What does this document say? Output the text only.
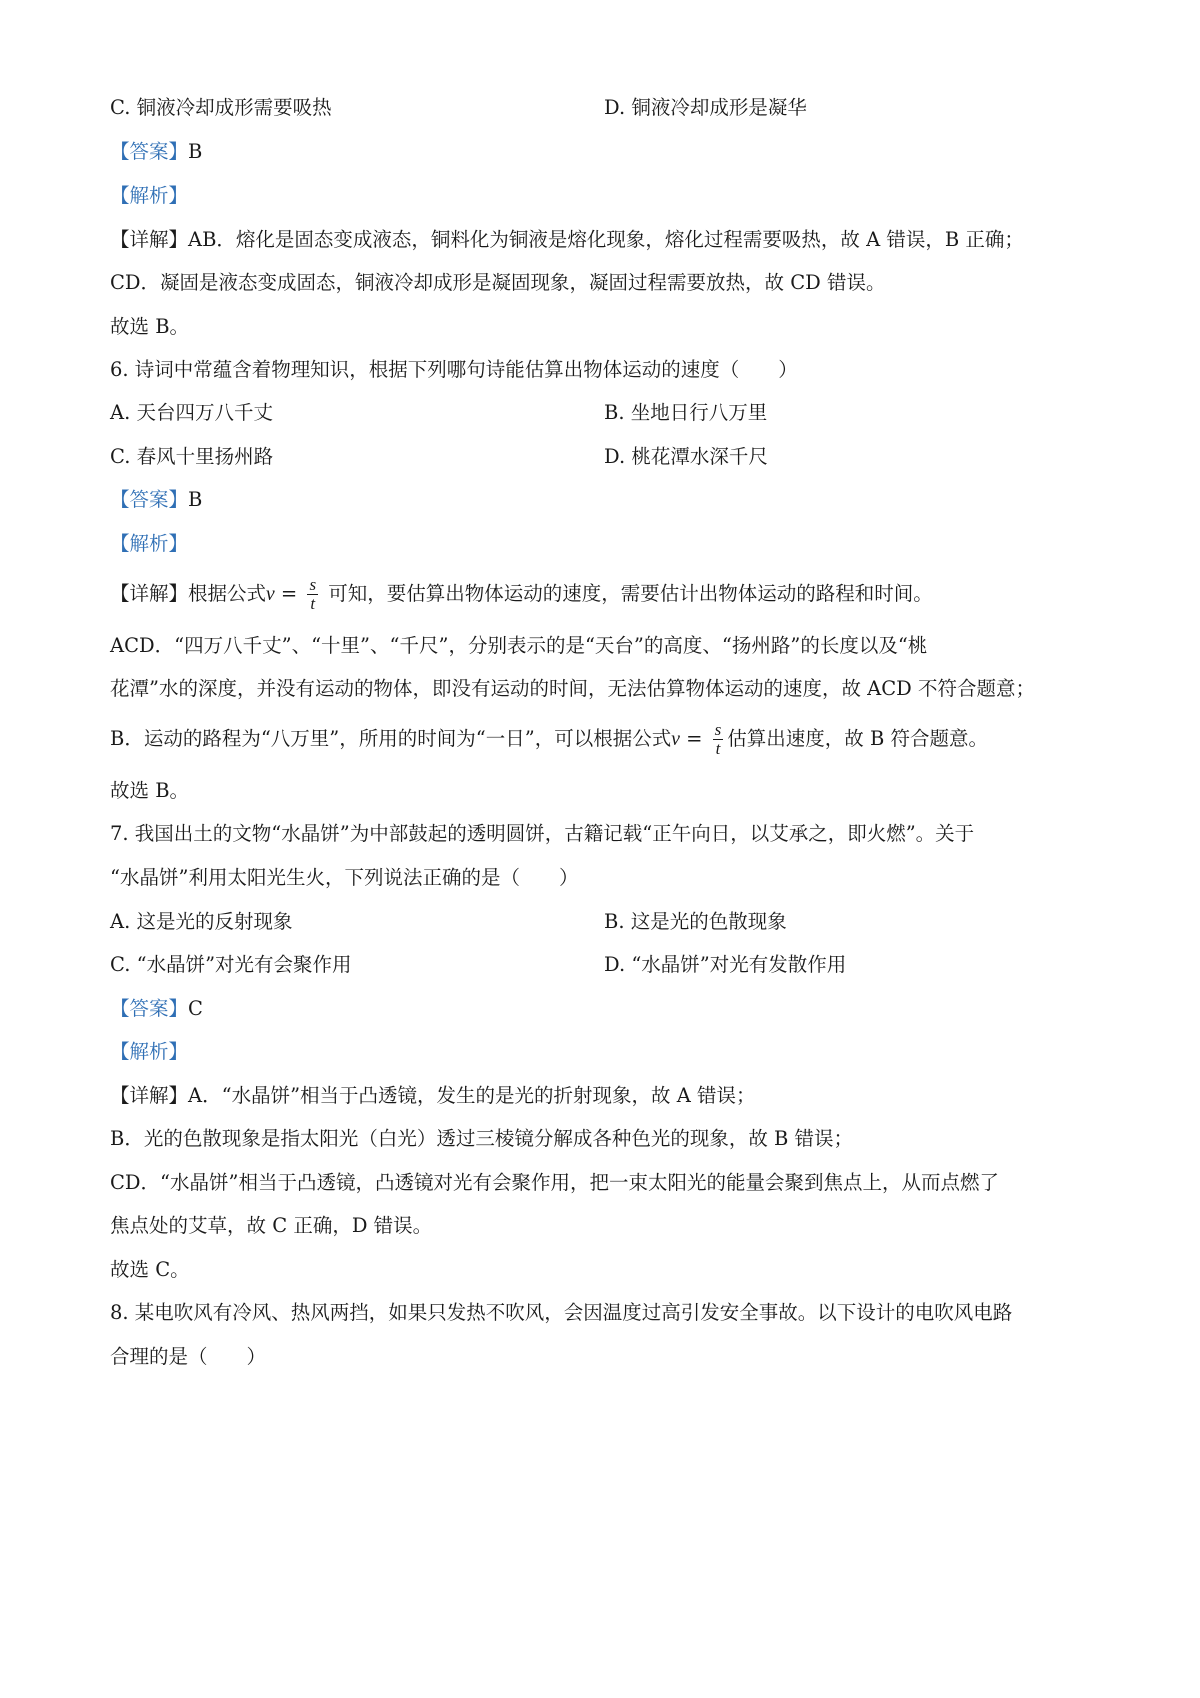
C. 铜液冷却成形需要吸热	D. 铜液冷却成形是凝华
【答案】B
【解析】
【详解】AB．熔化是固态变成液态，铜料化为铜液是熔化现象，熔化过程需要吸热，故 A 错误，B 正确；
CD．凝固是液态变成固态，铜液冷却成形是凝固现象，凝固过程需要放热，故 CD 错误。
故选 B。
6. 诗词中常蕴含着物理知识，根据下列哪句诗能估算出物体运动的速度（　　）
A. 天台四万八千丈	B. 坐地日行八万里
C. 春风十里扬州路	D. 桃花潭水深千尺
【答案】B
【解析】
【详解】根据公式$v = \frac{s}{t}$ 可知，要估算出物体运动的速度，需要估计出物体运动的路程和时间。
ACD．“四万八千丈”、“十里”、“千尺”，分别表示的是“天台”的高度、“扬州路”的长度以及“桃
花潭”水的深度，并没有运动的物体，即没有运动的时间，无法估算物体运动的速度，故 ACD 不符合题意；
B．运动的路程为“八万里”，所用的时间为“一日”，可以根据公式$v = \frac{s}{t}$ 估算出速度，故 B 符合题意。
故选 B。
7. 我国出土的文物“水晶饼”为中部鼓起的透明圆饼，古籍记载“正午向日，以艾承之，即火燃”。关于
“水晶饼”利用太阳光生火，下列说法正确的是（　　）
A. 这是光的反射现象	B. 这是光的色散现象
C. “水晶饼”对光有会聚作用	D. “水晶饼”对光有发散作用
【答案】C
【解析】
【详解】A．“水晶饼”相当于凸透镜，发生的是光的折射现象，故 A 错误；
B．光的色散现象是指太阳光（白光）透过三棱镜分解成各种色光的现象，故 B 错误；
CD．“水晶饼”相当于凸透镜，凸透镜对光有会聚作用，把一束太阳光的能量会聚到焦点上，从而点燃了
焦点处的艾草，故 C 正确，D 错误。
故选 C。
8. 某电吹风有冷风、热风两挡，如果只发热不吹风，会因温度过高引发安全事故。以下设计的电吹风电路
合理的是（　　）
